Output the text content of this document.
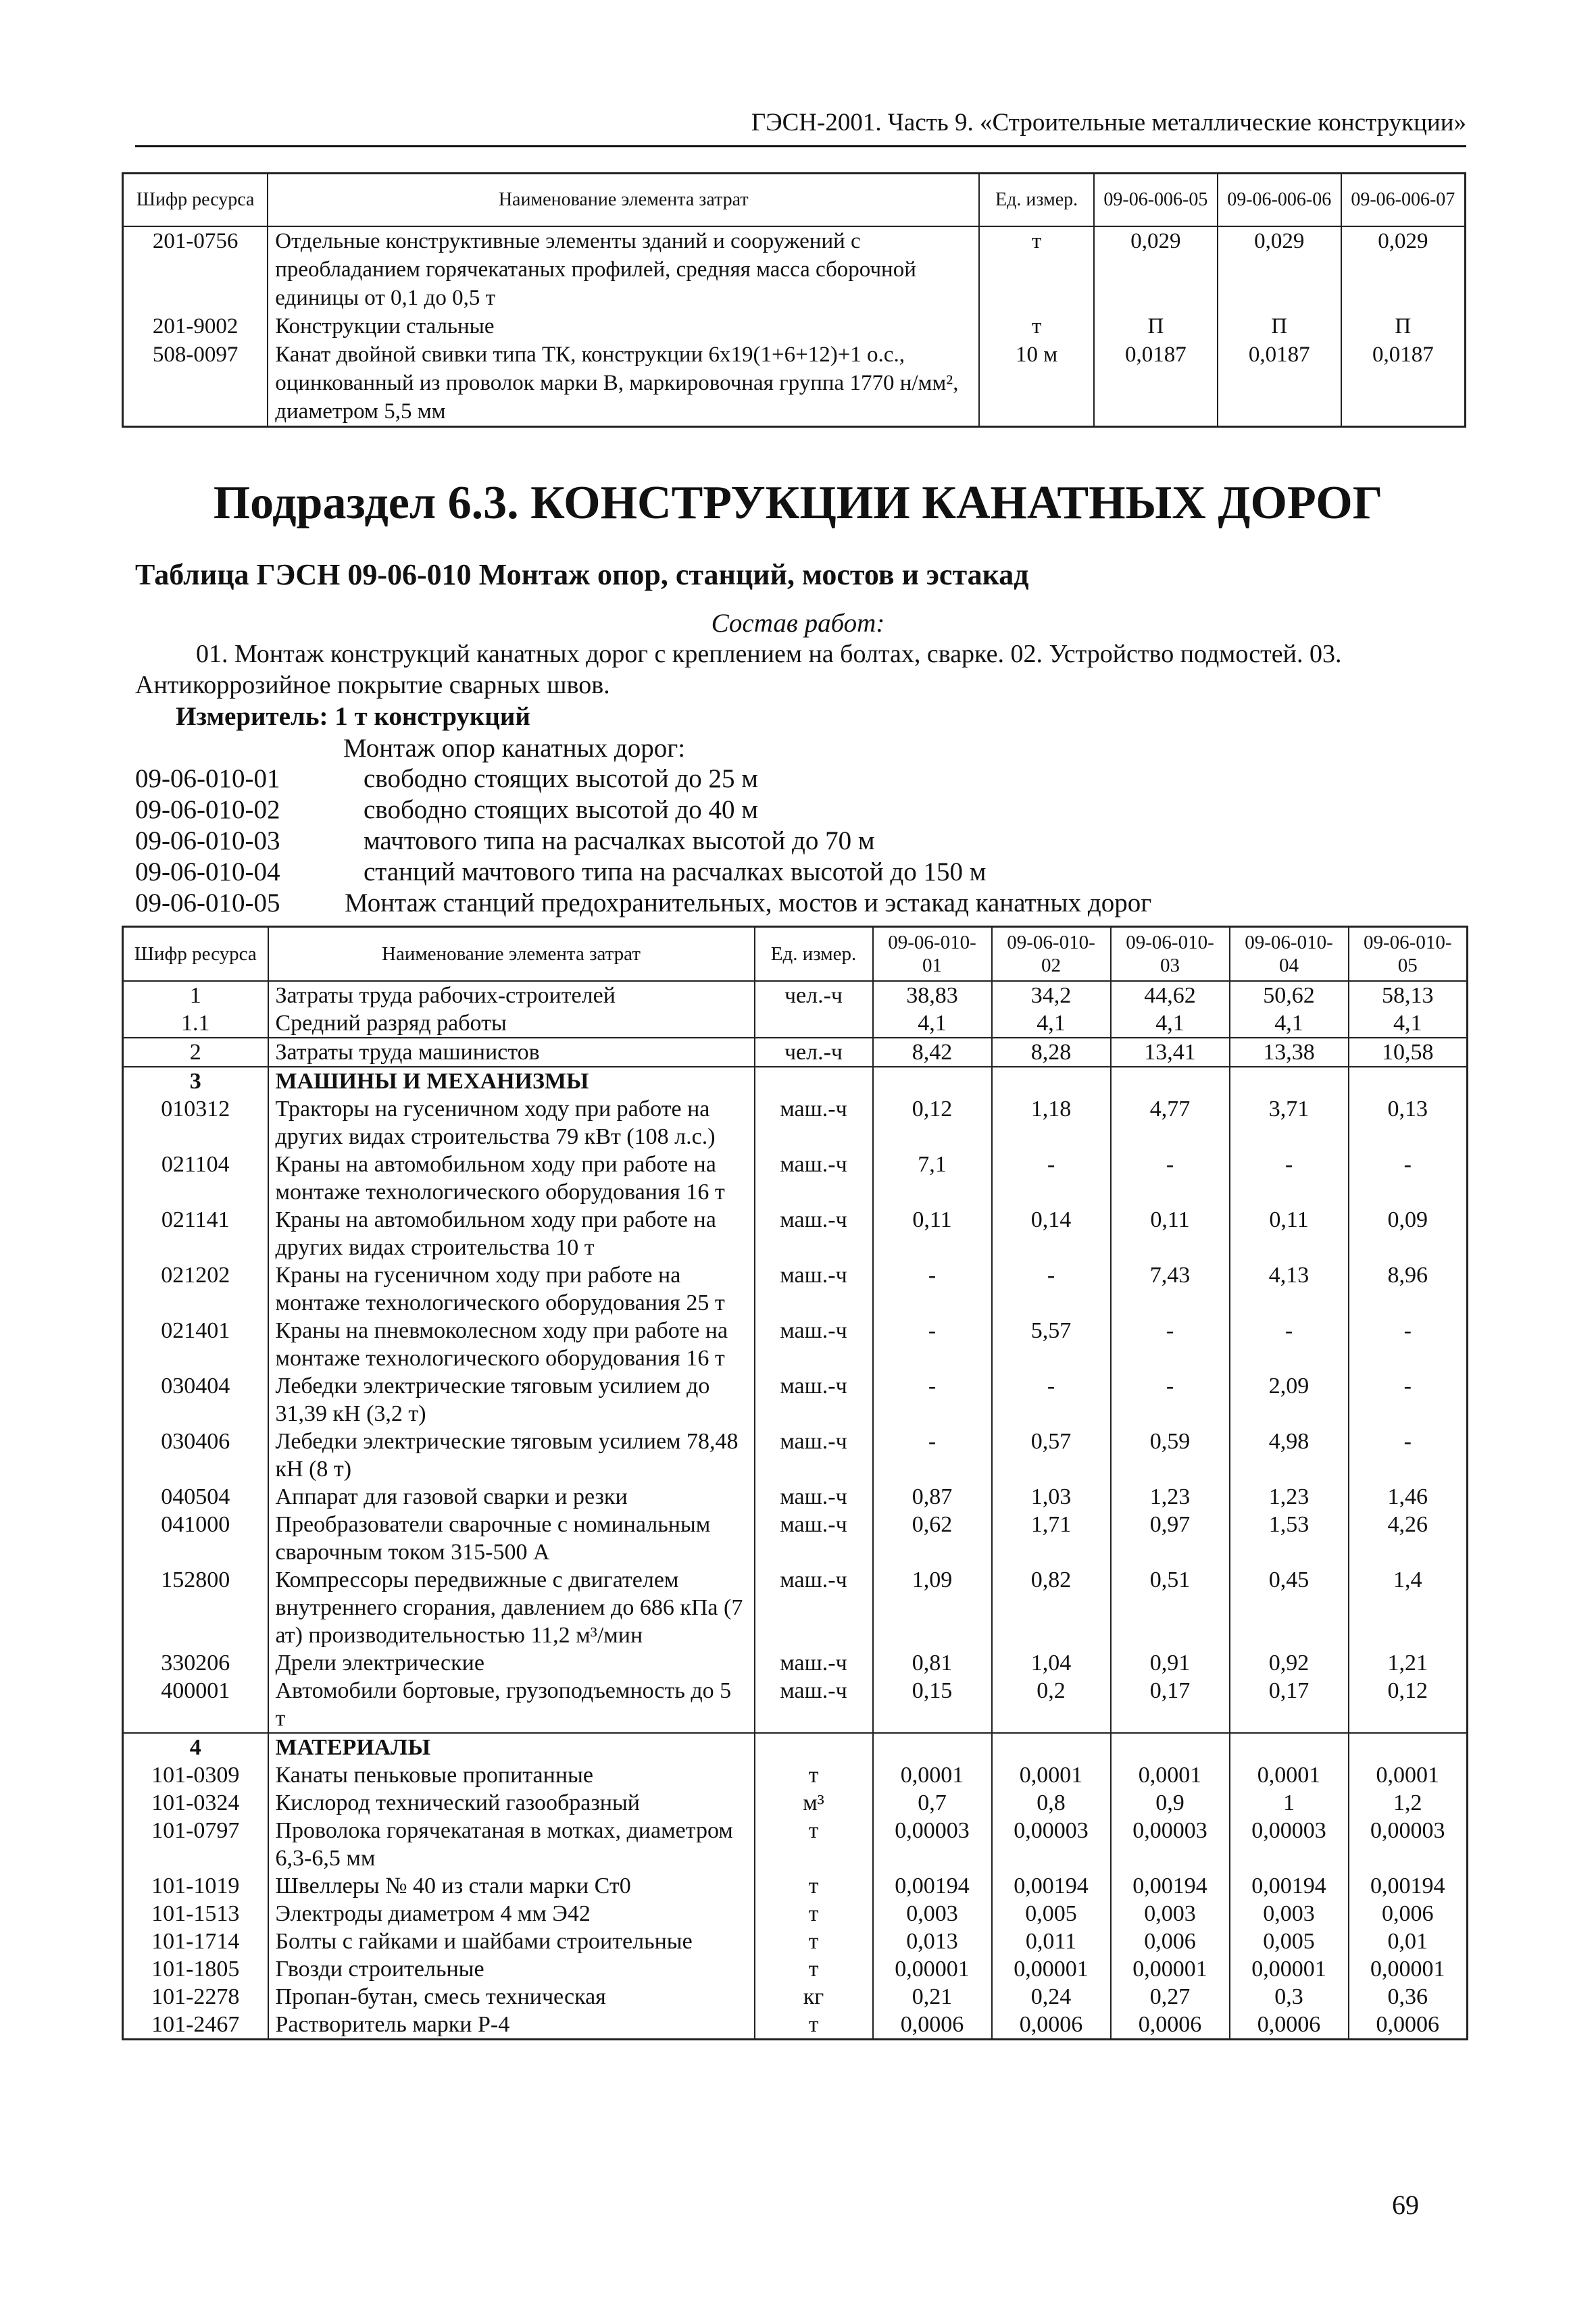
ГЭСН-2001. Часть 9. «Строительные металлические конструкции»
Шифр ресурса	Наименование элемента затрат	Ед. измер.	09-06-006-05	09-06-006-06	09-06-006-07
201-0756	Отдельные конструктивные элементы зданий и сооружений с преобладанием горячекатаных профилей, средняя масса сборочной единицы от 0,1 до 0,5 т	т	0,029	0,029	0,029
201-9002	Конструкции стальные	т	П	П	П
508-0097	Канат двойной свивки типа ТК, конструкции 6х19(1+6+12)+1 о.с., оцинкованный из проволок марки В, маркировочная группа 1770 н/мм², диаметром 5,5 мм	10 м	0,0187	0,0187	0,0187
Подраздел 6.3. КОНСТРУКЦИИ КАНАТНЫХ ДОРОГ
Таблица ГЭСН 09-06-010 Монтаж опор, станций, мостов и эстакад
Состав работ:
01. Монтаж конструкций канатных дорог с креплением на болтах, сварке. 02. Устройство подмостей. 03. Антикоррозийное покрытие сварных швов.
Измеритель: 1 т конструкций
Монтаж опор канатных дорог:
09-06-010-01	свободно стоящих высотой до 25 м
09-06-010-02	свободно стоящих высотой до 40 м
09-06-010-03	мачтового типа на расчалках высотой до 70 м
09-06-010-04	станций мачтового типа на расчалках высотой до 150 м
09-06-010-05	Монтаж станций предохранительных, мостов и эстакад канатных дорог
Шифр ресурса	Наименование элемента затрат	Ед. измер.	09-06-010-01	09-06-010-02	09-06-010-03	09-06-010-04	09-06-010-05
1	Затраты труда рабочих-строителей	чел.-ч	38,83	34,2	44,62	50,62	58,13
1.1	Средний разряд работы		4,1	4,1	4,1	4,1	4,1
2	Затраты труда машинистов	чел.-ч	8,42	8,28	13,41	13,38	10,58
3	МАШИНЫ И МЕХАНИЗМЫ						
010312	Тракторы на гусеничном ходу при работе на других видах строительства 79 кВт (108 л.с.)	маш.-ч	0,12	1,18	4,77	3,71	0,13
021104	Краны на автомобильном ходу при работе на монтаже технологического оборудования 16 т	маш.-ч	7,1	-	-	-	-
021141	Краны на автомобильном ходу при работе на других видах строительства 10 т	маш.-ч	0,11	0,14	0,11	0,11	0,09
021202	Краны на гусеничном ходу при работе на монтаже технологического оборудования 25 т	маш.-ч	-	-	7,43	4,13	8,96
021401	Краны на пневмоколесном ходу при работе на монтаже технологического оборудования 16 т	маш.-ч	-	5,57	-	-	-
030404	Лебедки электрические тяговым усилием до 31,39 кН (3,2 т)	маш.-ч	-	-	-	2,09	-
030406	Лебедки электрические тяговым усилием 78,48 кН (8 т)	маш.-ч	-	0,57	0,59	4,98	-
040504	Аппарат для газовой сварки и резки	маш.-ч	0,87	1,03	1,23	1,23	1,46
041000	Преобразователи сварочные с номинальным сварочным током 315-500 А	маш.-ч	0,62	1,71	0,97	1,53	4,26
152800	Компрессоры передвижные с двигателем внутреннего сгорания, давлением до 686 кПа (7 ат) производительностью 11,2 м³/мин	маш.-ч	1,09	0,82	0,51	0,45	1,4
330206	Дрели электрические	маш.-ч	0,81	1,04	0,91	0,92	1,21
400001	Автомобили бортовые, грузоподъемность до 5 т	маш.-ч	0,15	0,2	0,17	0,17	0,12
4	МАТЕРИАЛЫ						
101-0309	Канаты пеньковые пропитанные	т	0,0001	0,0001	0,0001	0,0001	0,0001
101-0324	Кислород технический газообразный	м³	0,7	0,8	0,9	1	1,2
101-0797	Проволока горячекатаная в мотках, диаметром 6,3-6,5 мм	т	0,00003	0,00003	0,00003	0,00003	0,00003
101-1019	Швеллеры № 40 из стали марки Ст0	т	0,00194	0,00194	0,00194	0,00194	0,00194
101-1513	Электроды диаметром 4 мм Э42	т	0,003	0,005	0,003	0,003	0,006
101-1714	Болты с гайками и шайбами строительные	т	0,013	0,011	0,006	0,005	0,01
101-1805	Гвозди строительные	т	0,00001	0,00001	0,00001	0,00001	0,00001
101-2278	Пропан-бутан, смесь техническая	кг	0,21	0,24	0,27	0,3	0,36
101-2467	Растворитель марки Р-4	т	0,0006	0,0006	0,0006	0,0006	0,0006
69
